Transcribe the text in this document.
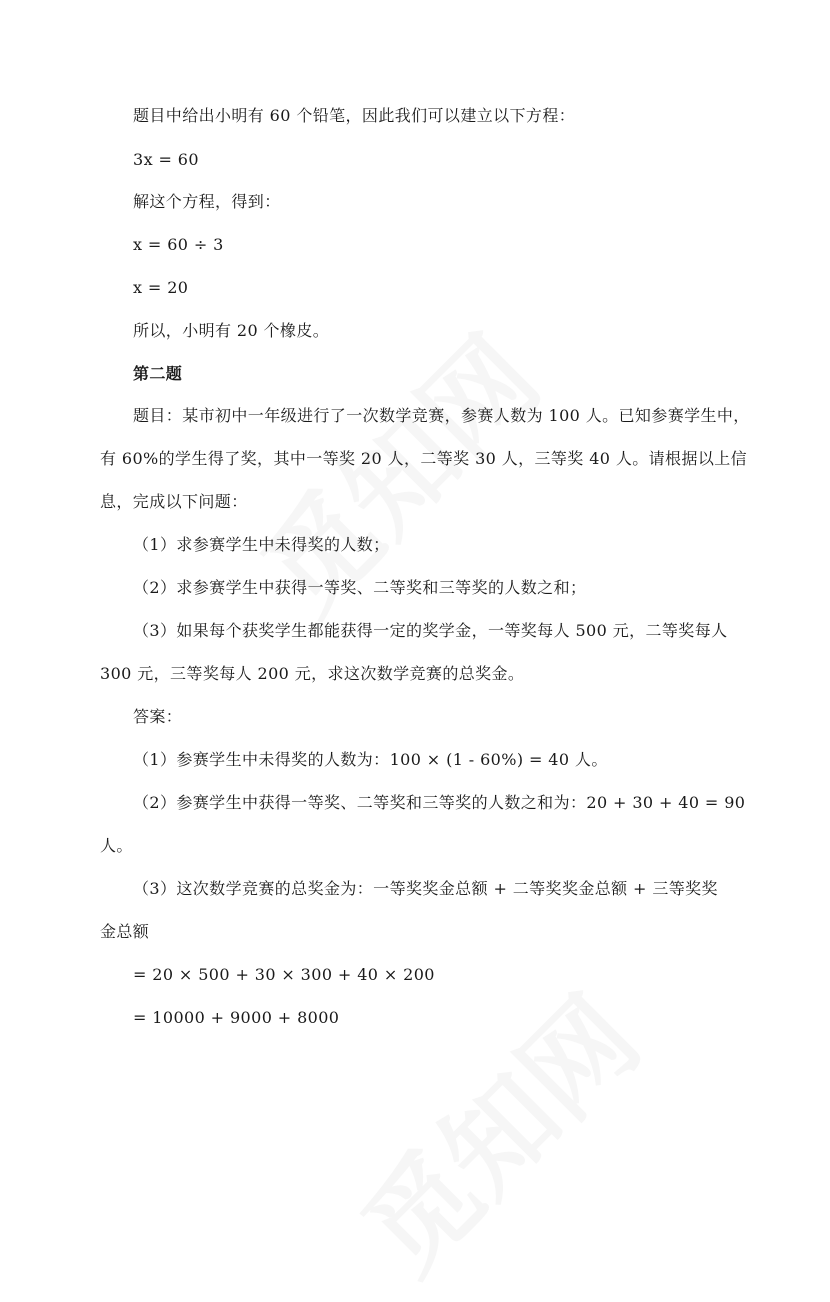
题目中给出小明有 60 个铅笔，因此我们可以建立以下方程：
3x = 60
解这个方程，得到：
x = 60 ÷ 3
x = 20
所以，小明有 20 个橡皮。
第二题
题目：某市初中一年级进行了一次数学竞赛，参赛人数为 100 人。已知参赛学生中，
有 60%的学生得了奖，其中一等奖 20 人，二等奖 30 人，三等奖 40 人。请根据以上信
息，完成以下问题：
（1）求参赛学生中未得奖的人数；
（2）求参赛学生中获得一等奖、二等奖和三等奖的人数之和；
（3）如果每个获奖学生都能获得一定的奖学金，一等奖每人 500 元，二等奖每人
300 元，三等奖每人 200 元，求这次数学竞赛的总奖金。
答案：
（1）参赛学生中未得奖的人数为：100 × (1 - 60%) = 40 人。
（2）参赛学生中获得一等奖、二等奖和三等奖的人数之和为：20 + 30 + 40 = 90
人。
（3）这次数学竞赛的总奖金为：一等奖奖金总额 + 二等奖奖金总额 + 三等奖奖
金总额
= 20 × 500 + 30 × 300 + 40 × 200
= 10000 + 9000 + 8000
